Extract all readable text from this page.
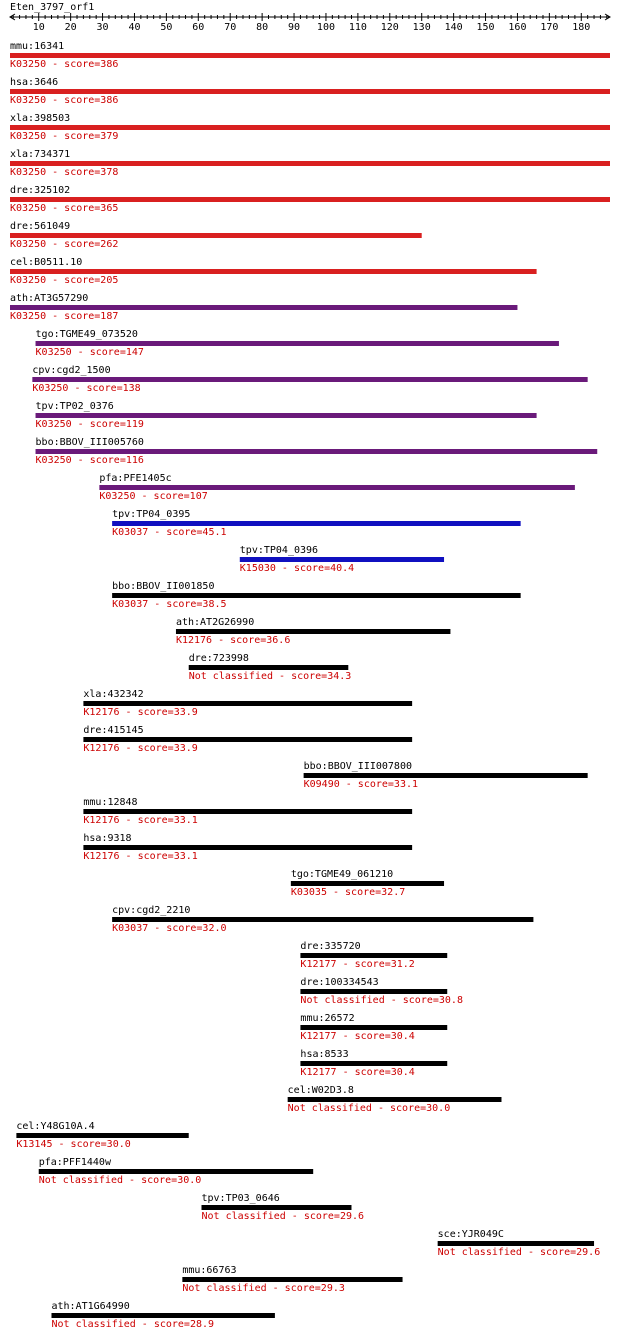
Eten_3797_orf1
10 20 30 40 50 60 70 80 90 100 110 120 130 140 150 160 170 180
mmu:16341
K03250 - score=386
hsa:3646
K03250 - score=386
xla:398503
K03250 - score=379
xla:734371
K03250 - score=378
dre:325102
K03250 - score=365
dre:561049
K03250 - score=262
cel:B0511.10
K03250 - score=205
ath:AT3G57290
K03250 - score=187
tgo:TGME49_073520
K03250 - score=147
cpv:cgd2_1500
K03250 - score=138
tpv:TP02_0376
K03250 - score=119
bbo:BBOV_III005760
K03250 - score=116
pfa:PFE1405c
K03250 - score=107
tpv:TP04_0395
K03037 - score=45.1
tpv:TP04_0396
K15030 - score=40.4
bbo:BBOV_II001850
K03037 - score=38.5
ath:AT2G26990
K12176 - score=36.6
dre:723998
Not classified - score=34.3
xla:432342
K12176 - score=33.9
dre:415145
K12176 - score=33.9
bbo:BBOV_III007800
K09490 - score=33.1
mmu:12848
K12176 - score=33.1
hsa:9318
K12176 - score=33.1
tgo:TGME49_061210
K03035 - score=32.7
cpv:cgd2_2210
K03037 - score=32.0
dre:335720
K12177 - score=31.2
dre:100334543
Not classified - score=30.8
mmu:26572
K12177 - score=30.4
hsa:8533
K12177 - score=30.4
cel:W02D3.8
Not classified - score=30.0
cel:Y48G10A.4
K13145 - score=30.0
pfa:PFF1440w
Not classified - score=30.0
tpv:TP03_0646
Not classified - score=29.6
sce:YJR049C
Not classified - score=29.6
mmu:66763
Not classified - score=29.3
ath:AT1G64990
Not classified - score=28.9
